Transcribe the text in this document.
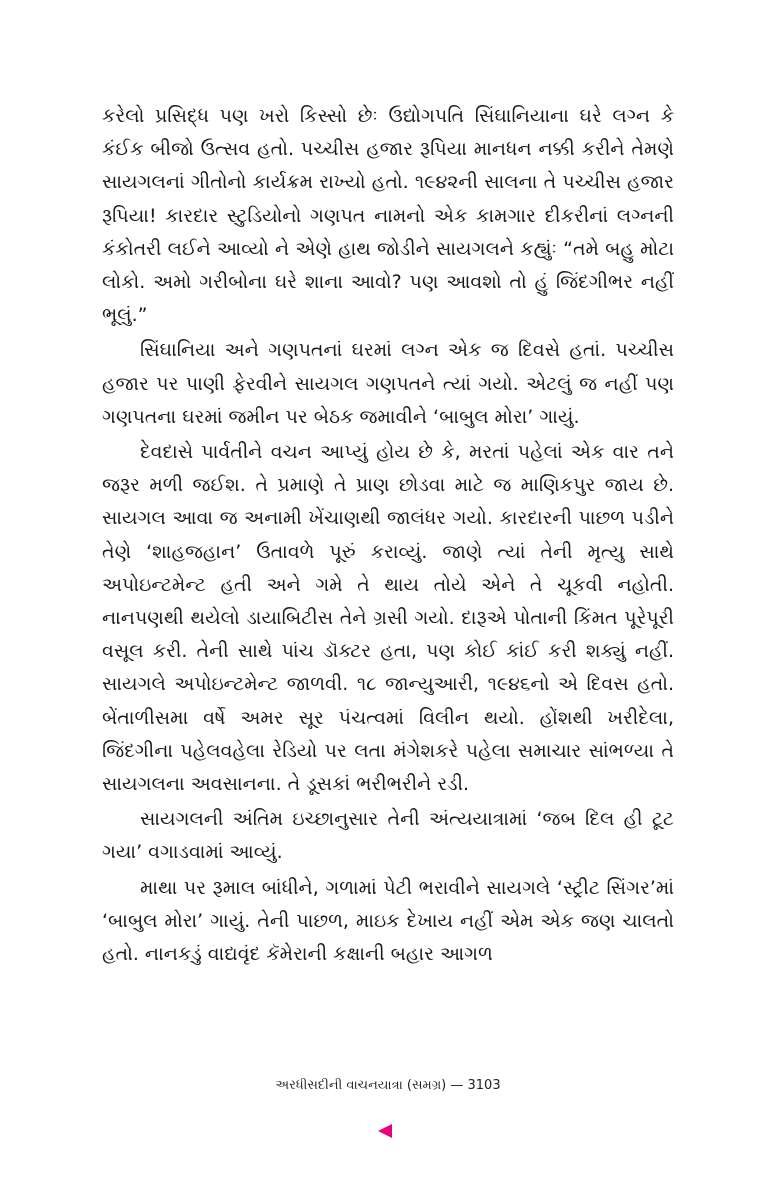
કરેલો પ્રસિદ્ધ પણ ખરો કિસ્સો છેઃ ઉદ્યોગપતિ સિંઘાનિયાના ઘરે લગ્ન કે કંઈક બીજો ઉત્સવ હતો. પચ્ચીસ હજાર રૂપિયા માનધન નક્કી કરીને તેમણે સાયગલનાં ગીતોનો કાર્યક્રમ રાખ્યો હતો. ૧૯૪૨ની સાલના તે પચ્ચીસ હજાર રૂપિયા! કારદાર સ્ટુડિયોનો ગણપત નામનો એક કામગાર દીકરીનાં લગ્નની કંકોતરી લઈને આવ્યો ને એણે હાથ જોડીને સાયગલને કહ્યુંઃ “તમે બહુ મોટા લોકો. અમો ગરીબોના ઘરે શાના આવો? પણ આવશો તો હું જિંદગીભર નહીં ભૂલું.”

સિંઘાનિયા અને ગણપતનાં ઘરમાં લગ્ન એક જ દિવસે હતાં. પચ્ચીસ હજાર પર પાણી ફેરવીને સાયગલ ગણપતને ત્યાં ગયો. એટલું જ નહીં પણ ગણપતના ઘરમાં જમીન પર બેઠક જમાવીને ‘બાબુલ મોરા’ ગાયું.

દેવદાસે પાર્વતીને વચન આપ્યું હોય છે કે, મરતાં પહેલાં એક વાર તને જરૂર મળી જઈશ. તે પ્રમાણે તે પ્રાણ છોડવા માટે જ માણિકપુર જાય છે. સાયગલ આવા જ અનામી ખેંચાણથી જાલંધર ગયો. કારદારની પાછળ પડીને તેણે ‘શાહજહાન’ ઉતાવળે પૂરું કરાવ્યું. જાણે ત્યાં તેની મૃત્યુ સાથે અપોઇન્ટમેન્ટ હતી અને ગમે તે થાય તોયે એને તે ચૂકવી નહોતી. નાનપણથી થયેલો ડાયાબિટીસ તેને ગ્રસી ગયો. દારૂએ પોતાની કિંમત પૂરેપૂરી વસૂલ કરી. તેની સાથે પાંચ ડૉક્ટર હતા, પણ કોઈ કાંઈ કરી શક્યું નહીં. સાયગલે અપોઇન્ટમેન્ટ જાળવી. ૧૮ જાન્યુઆરી, ૧૯૪૬નો એ દિવસ હતો. બેંતાળીસમા વર્ષે અમર સૂર પંચત્વમાં વિલીન થયો. હોંશથી ખરીદેલા, જિંદગીના પહેલવહેલા રેડિયો પર લતા મંગેશકરે પહેલા સમાચાર સાંભળ્યા તે સાયગલના અવસાનના. તે ડૂસકાં ભરીભરીને રડી.

સાયગલની અંતિમ ઇચ્છાનુસાર તેની અંત્યયાત્રામાં ‘જબ દિલ હી ટૂટ ગયા’ વગાડવામાં આવ્યું.

માથા પર રૂમાલ બાંધીને, ગળામાં પેટી ભરાવીને સાયગલે ‘સ્ટ્રીટ સિંગર’માં ‘બાબુલ મોરા’ ગાયું. તેની પાછળ, માઇક દેખાય નહીં એમ એક જણ ચાલતો હતો. નાનકડું વાદ્યવૃંદ કૅમેરાની કક્ષાની બહાર આગળ

અરધીસદીની વાચનયાત્રા (સમગ્ર) — 3103
